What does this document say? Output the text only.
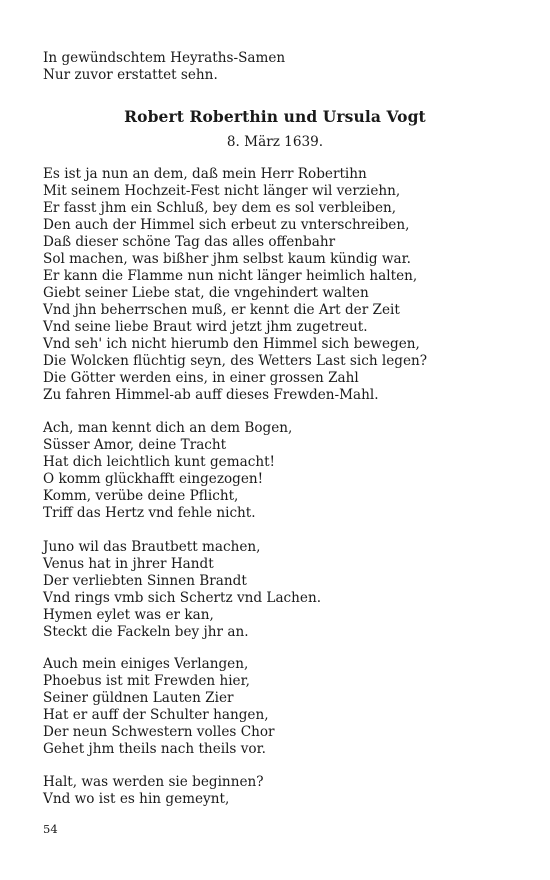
In gewündschtem Heyraths-Samen
Nur zuvor erstattet sehn.
Robert Roberthin und Ursula Vogt
8. März 1639.
Es ist ja nun an dem, daß mein Herr Robertihn
Mit seinem Hochzeit-Fest nicht länger wil verziehn,
Er fasst jhm ein Schluß, bey dem es sol verbleiben,
Den auch der Himmel sich erbeut zu vnterschreiben,
Daß dieser schöne Tag das alles offenbahr
Sol machen, was bißher jhm selbst kaum kündig war.
Er kann die Flamme nun nicht länger heimlich halten,
Giebt seiner Liebe stat, die vngehindert walten
Vnd jhn beherrschen muß, er kennt die Art der Zeit
Vnd seine liebe Braut wird jetzt jhm zugetreut.
Vnd seh' ich nicht hierumb den Himmel sich bewegen,
Die Wolcken flüchtig seyn, des Wetters Last sich legen?
Die Götter werden eins, in einer grossen Zahl
Zu fahren Himmel-ab auff dieses Frewden-Mahl.
Ach, man kennt dich an dem Bogen,
Süsser Amor, deine Tracht
Hat dich leichtlich kunt gemacht!
O komm glückhafft eingezogen!
Komm, verübe deine Pflicht,
Triff das Hertz vnd fehle nicht.
Juno wil das Brautbett machen,
Venus hat in jhrer Handt
Der verliebten Sinnen Brandt
Vnd rings vmb sich Schertz vnd Lachen.
Hymen eylet was er kan,
Steckt die Fackeln bey jhr an.
Auch mein einiges Verlangen,
Phoebus ist mit Frewden hier,
Seiner güldnen Lauten Zier
Hat er auff der Schulter hangen,
Der neun Schwestern volles Chor
Gehet jhm theils nach theils vor.
Halt, was werden sie beginnen?
Vnd wo ist es hin gemeynt,
54
